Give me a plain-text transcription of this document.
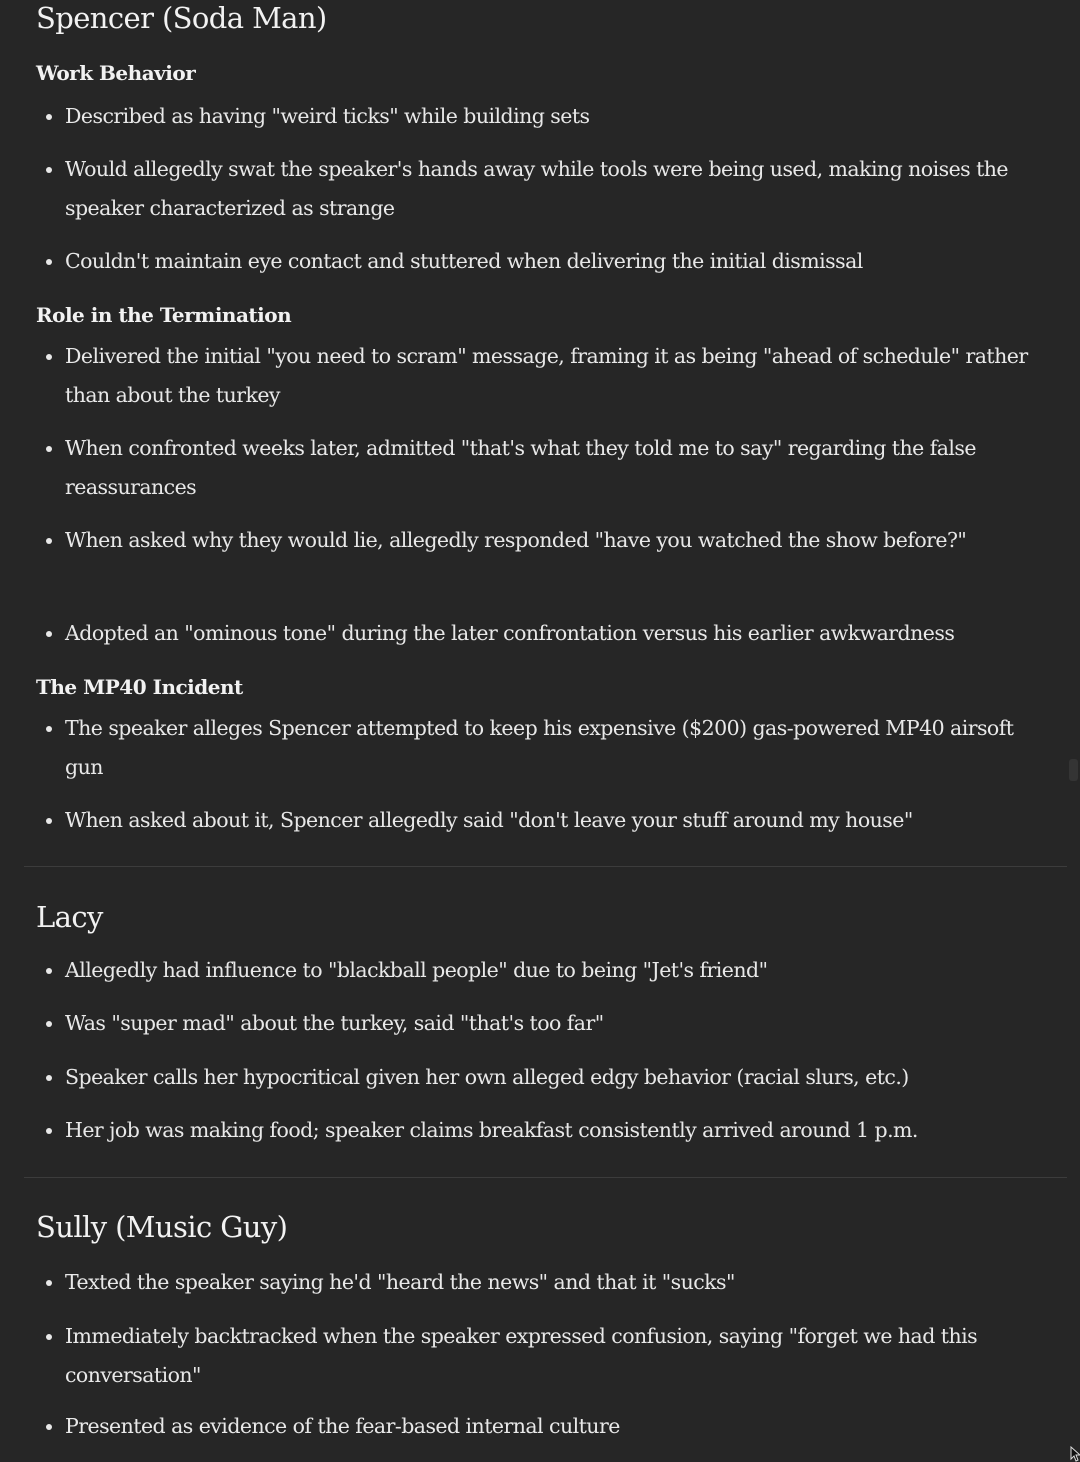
Spencer (Soda Man)
Work Behavior
Described as having "weird ticks" while building sets
Would allegedly swat the speaker's hands away while tools were being used, making noises the speaker characterized as strange
Couldn't maintain eye contact and stuttered when delivering the initial dismissal
Role in the Termination
Delivered the initial "you need to scram" message, framing it as being "ahead of schedule" rather than about the turkey
When confronted weeks later, admitted "that's what they told me to say" regarding the false reassurances
When asked why they would lie, allegedly responded "have you watched the show before?"
Adopted an "ominous tone" during the later confrontation versus his earlier awkwardness
The MP40 Incident
The speaker alleges Spencer attempted to keep his expensive ($200) gas-powered MP40 airsoft gun
When asked about it, Spencer allegedly said "don't leave your stuff around my house"
Lacy
Allegedly had influence to "blackball people" due to being "Jet's friend"
Was "super mad" about the turkey, said "that's too far"
Speaker calls her hypocritical given her own alleged edgy behavior (racial slurs, etc.)
Her job was making food; speaker claims breakfast consistently arrived around 1 p.m.
Sully (Music Guy)
Texted the speaker saying he'd "heard the news" and that it "sucks"
Immediately backtracked when the speaker expressed confusion, saying "forget we had this conversation"
Presented as evidence of the fear-based internal culture
